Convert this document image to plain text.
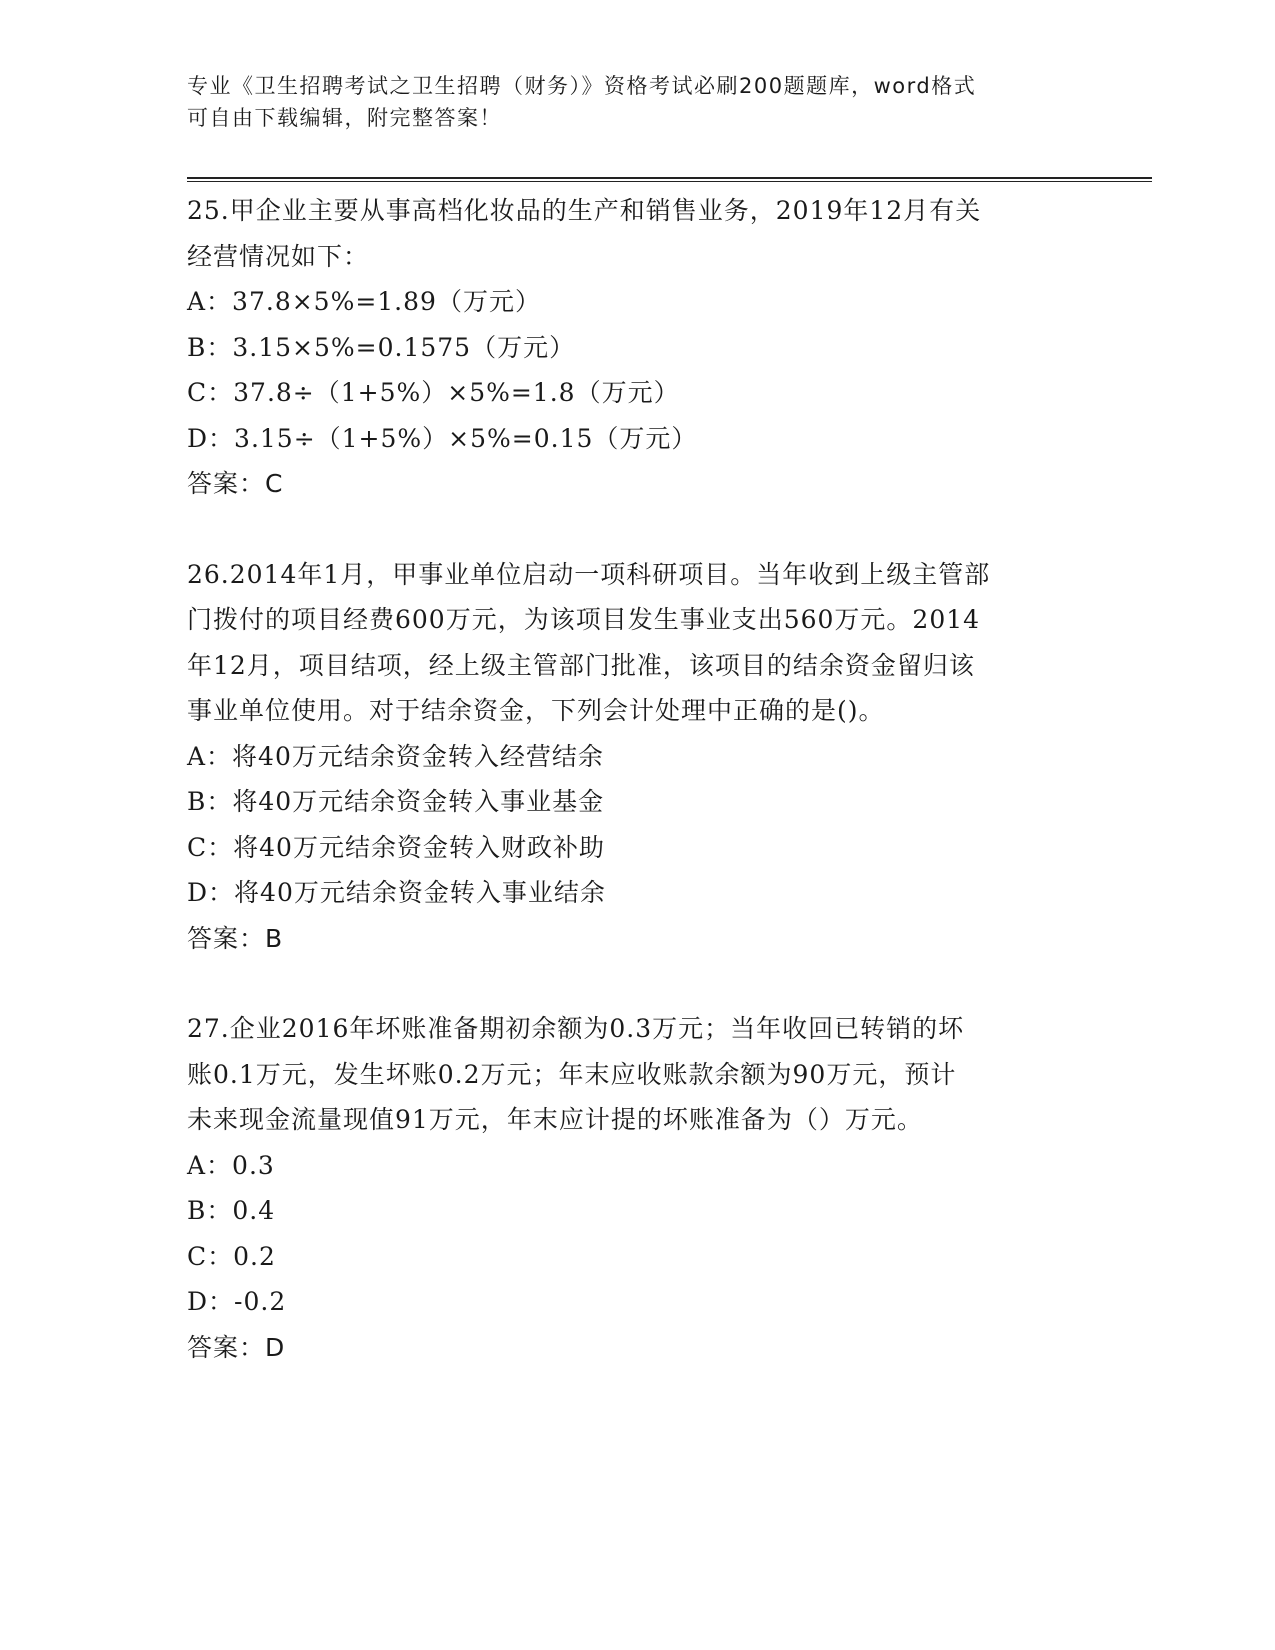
专业《卫生招聘考试之卫生招聘（财务）》资格考试必刷200题题库，word格式

可自由下载编辑，附完整答案！

25.甲企业主要从事高档化妆品的生产和销售业务，2019年12月有关

经营情况如下：

A：37.8×5%=1.89（万元）

B：3.15×5%=0.1575（万元）

C：37.8÷（1+5%）×5%=1.8（万元）

D：3.15÷（1+5%）×5%=0.15（万元）

答案：C

26.2014年1月，甲事业单位启动一项科研项目。当年收到上级主管部

门拨付的项目经费600万元，为该项目发生事业支出560万元。2014

年12月，项目结项，经上级主管部门批准，该项目的结余资金留归该

事业单位使用。对于结余资金，下列会计处理中正确的是()。

A：将40万元结余资金转入经营结余

B：将40万元结余资金转入事业基金

C：将40万元结余资金转入财政补助

D：将40万元结余资金转入事业结余

答案：B

27.企业2016年坏账准备期初余额为0.3万元；当年收回已转销的坏

账0.1万元，发生坏账0.2万元；年末应收账款余额为90万元，预计

未来现金流量现值91万元，年末应计提的坏账准备为（）万元。

A：0.3

B：0.4

C：0.2

D：-0.2

答案：D
